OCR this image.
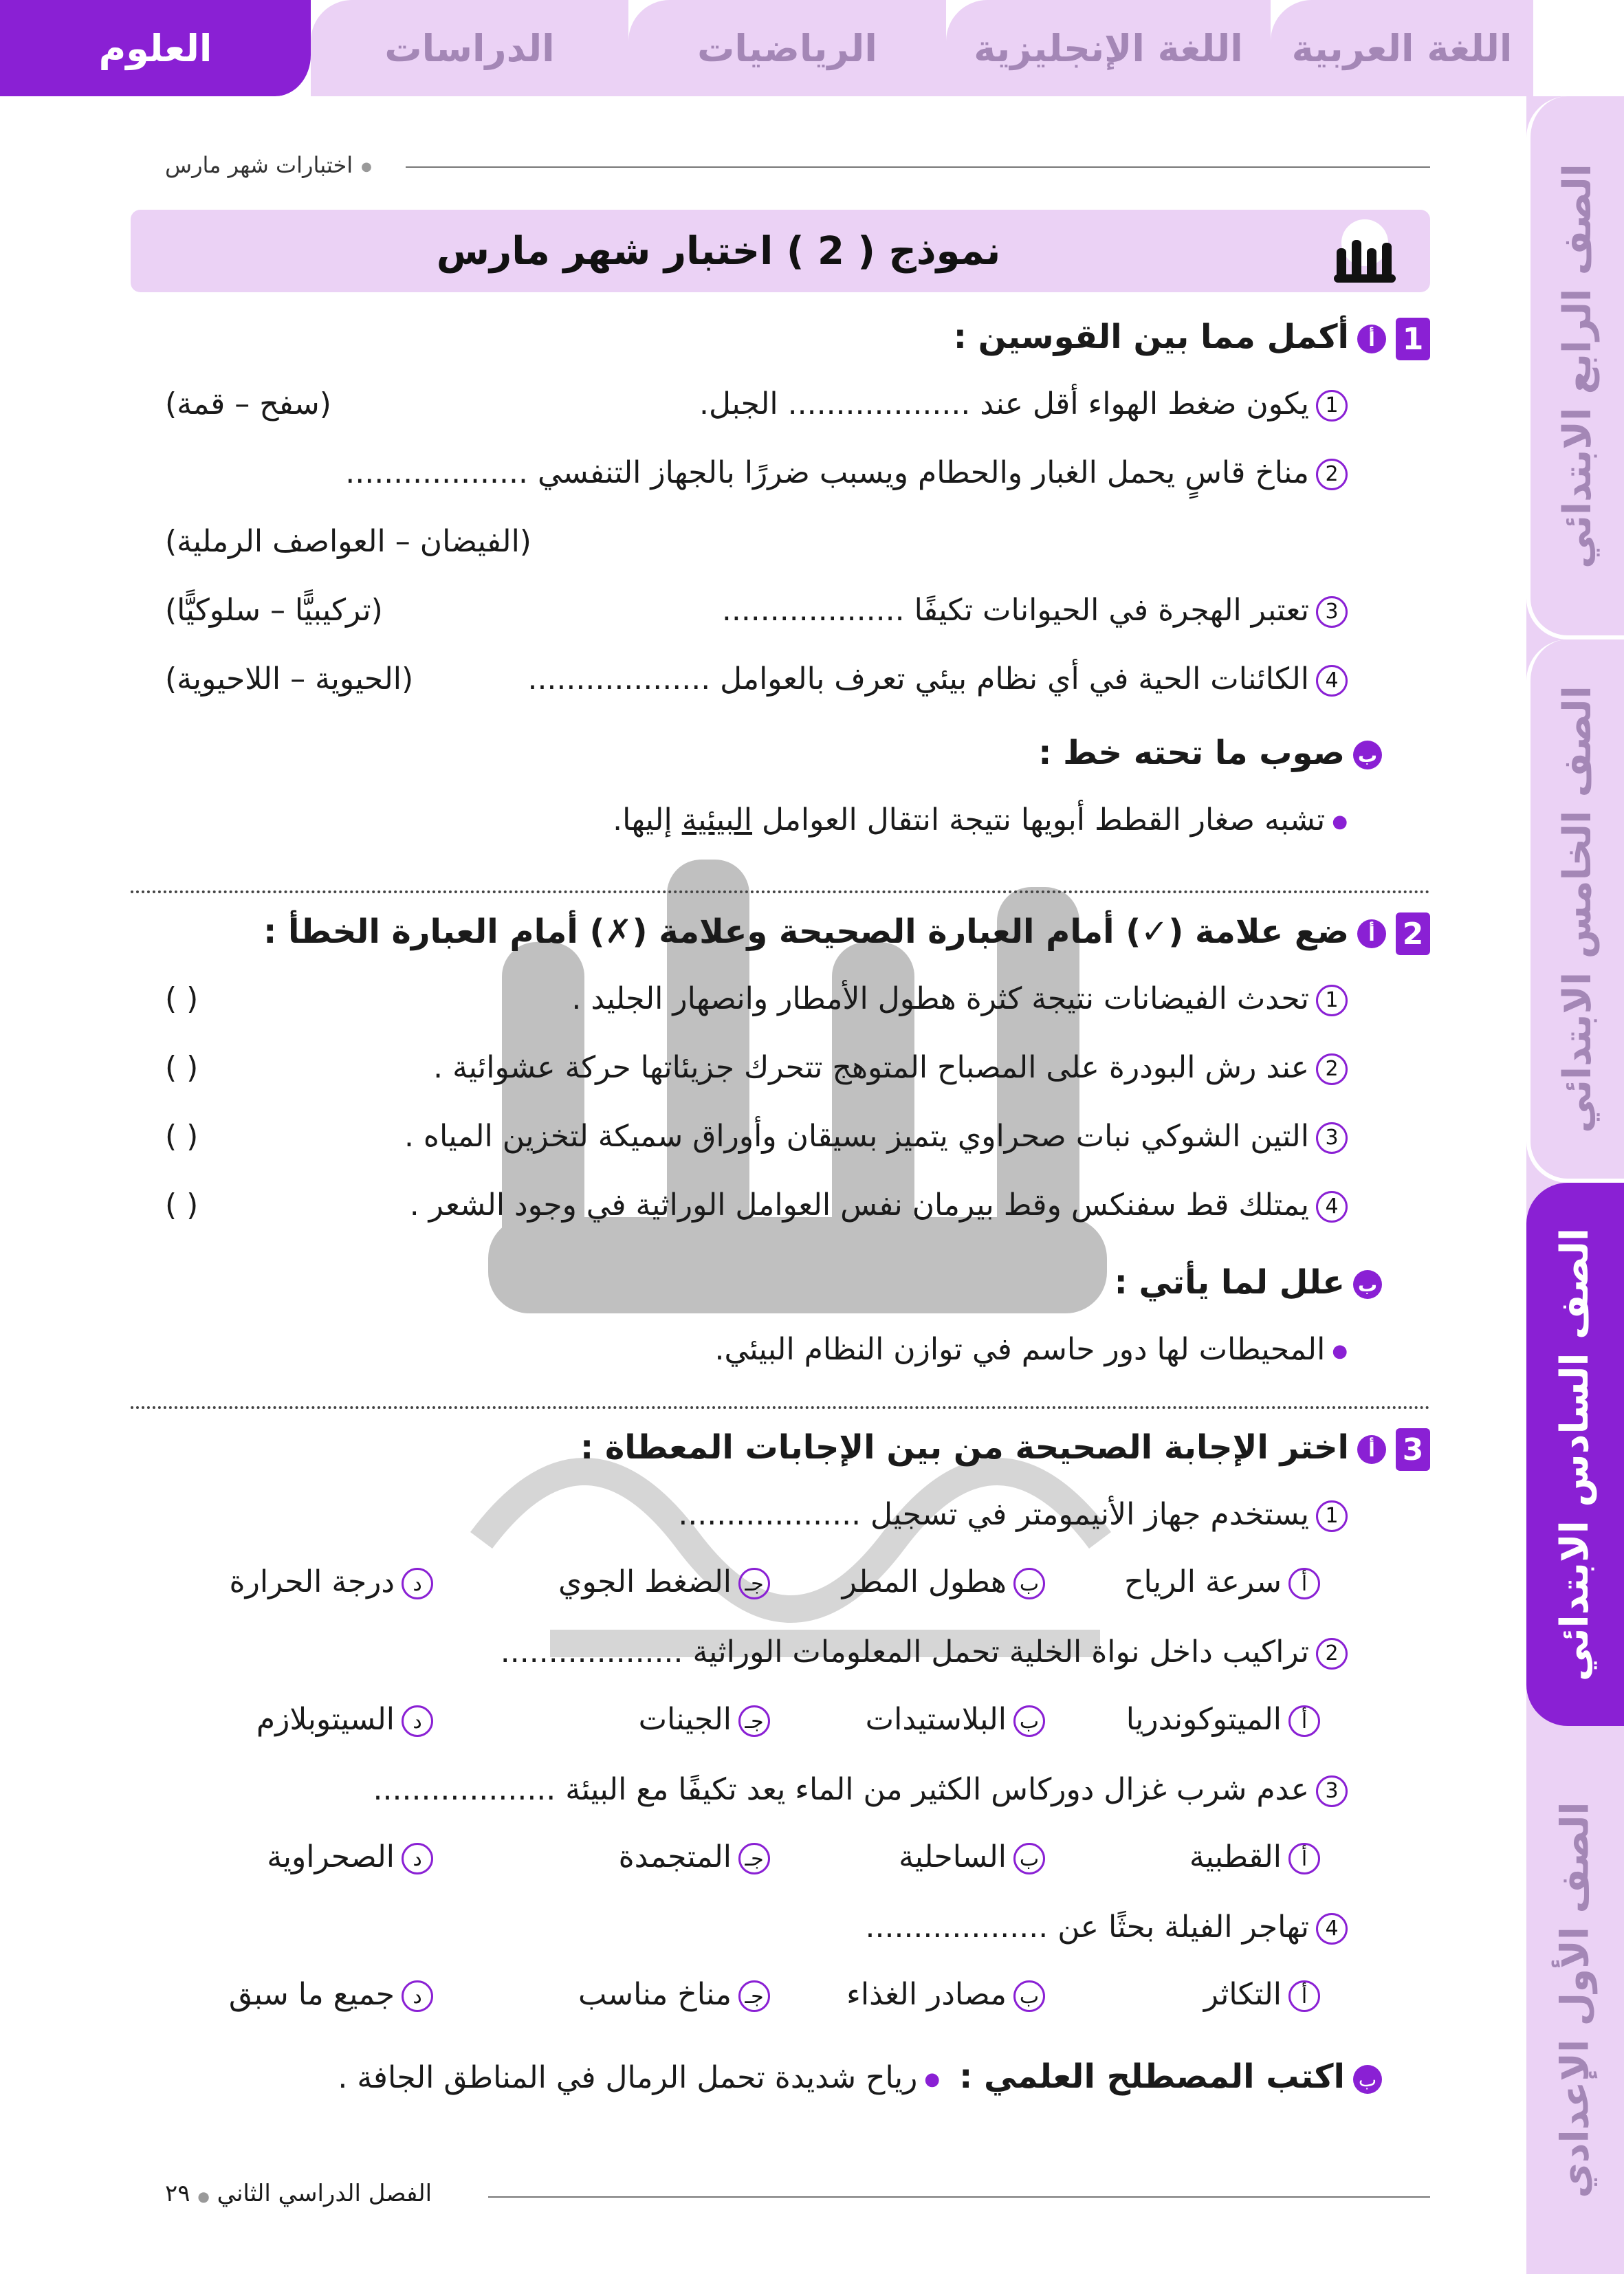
العلوم	الدراسات	الرياضيات	اللغة الإنجليزية	اللغة العربية
الصف الرابع الابتدائي
الصف الخامس الابتدائي
الصف السادس الابتدائي
الصف الأول الإعدادي
● اختبارات شهر مارس
نموذج ( 2 ) اختبار شهر مارس
1أأكمل مما بين القوسين :
1يكون ضغط الهواء أقل عند ................... الجبل.
(سفح – قمة)
2مناخ قاسٍ يحمل الغبار والحطام ويسبب ضررًا بالجهاز التنفسي ...................
(الفيضان – العواصف الرملية)
3تعتبر الهجرة في الحيوانات تكيفًا ...................
(تركيبيًّا – سلوكيًّا)
4الكائنات الحية في أي نظام بيئي تعرف بالعوامل ...................
(الحيوية – اللاحيوية)
بصوب ما تحته خط :
● تشبه صغار القطط أبويها نتيجة انتقال العوامل البيئية إليها.
2أضع علامة (✓) أمام العبارة الصحيحة وعلامة (✗) أمام العبارة الخطأ :
1تحدث الفيضانات نتيجة كثرة هطول الأمطار وانصهار الجليد .
( )
2عند رش البودرة على المصباح المتوهج تتحرك جزيئاتها حركة عشوائية .
( )
3التين الشوكي نبات صحراوي يتميز بسيقان وأوراق سميكة لتخزين المياه .
( )
4يمتلك قط سفنكس وقط بيرمان نفس العوامل الوراثية في وجود الشعر .
( )
بعلل لما يأتي :
● المحيطات لها دور حاسم في توازن النظام البيئي.
3أاختر الإجابة الصحيحة من بين الإجابات المعطاة :
1يستخدم جهاز الأنيمومتر في تسجيل ...................
أسرعة الرياح
بهطول المطر
جـالضغط الجوي
ددرجة الحرارة
2تراكيب داخل نواة الخلية تحمل المعلومات الوراثية ...................
أالميتوكوندريا
بالبلاستيدات
جـالجينات
دالسيتوبلازم
3عدم شرب غزال دوركاس الكثير من الماء يعد تكيفًا مع البيئة ...................
أالقطبية
بالساحلية
جـالمتجمدة
دالصحراوية
4تهاجر الفيلة بحثًا عن ...................
أالتكاثر
بمصادر الغذاء
جـمناخ مناسب
دجميع ما سبق
باكتب المصطلح العلمي : ● رياح شديدة تحمل الرمال في المناطق الجافة .
الفصل الدراسي الثاني ● ٢٩
